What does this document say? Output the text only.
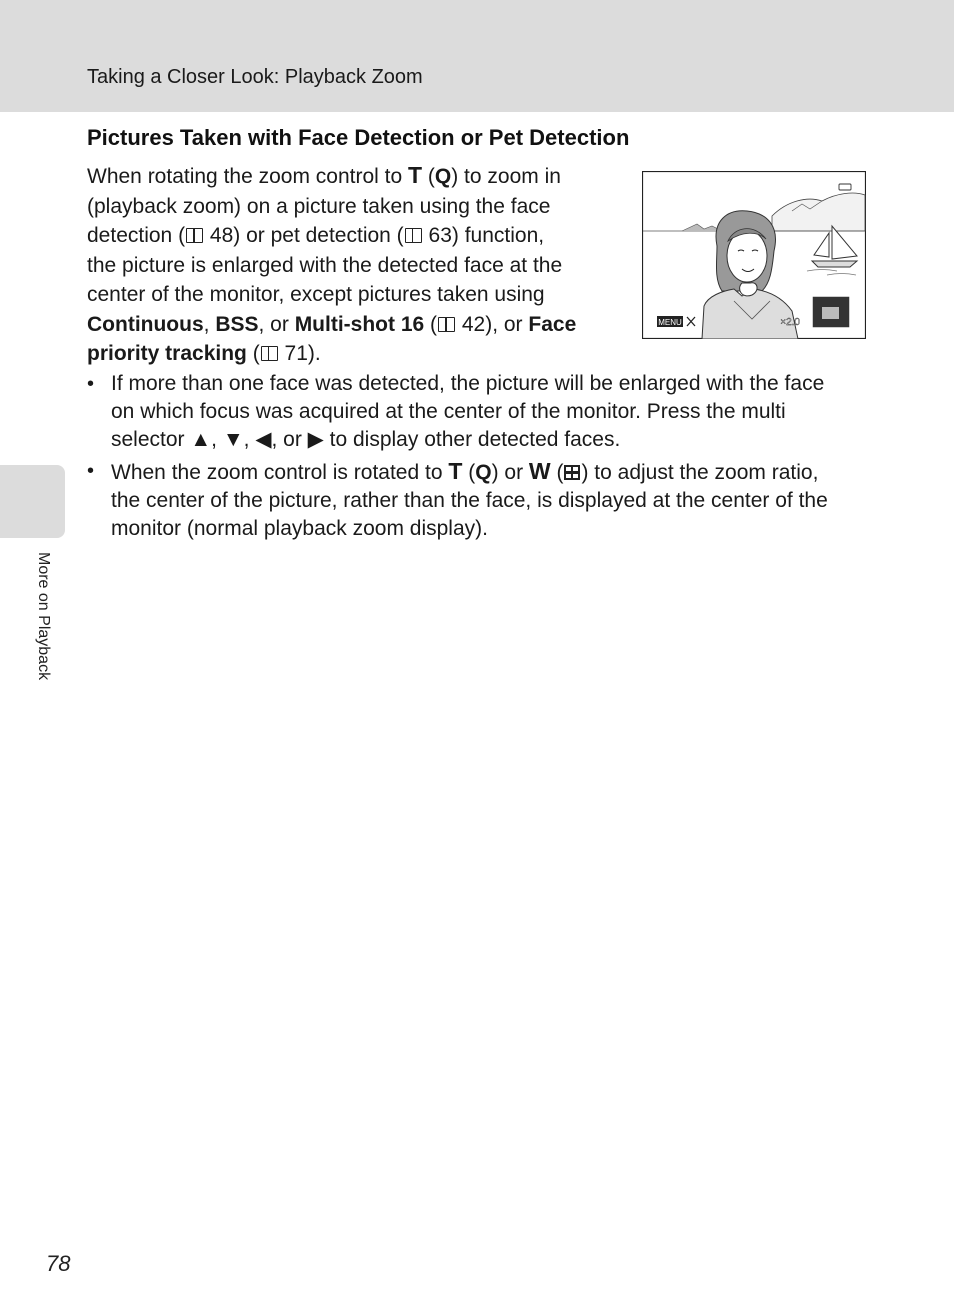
Taking a Closer Look: Playback Zoom
Pictures Taken with Face Detection or Pet Detection
When rotating the zoom control to T (Q) to zoom in
(playback zoom) on a picture taken using the face
detection ( 48) or pet detection ( 63) function,
the picture is enlarged with the detected face at the
center of the monitor, except pictures taken using
Continuous, BSS, or Multi-shot 16 ( 42), or Face
priority tracking ( 71).
MENU	×2.0
• If more than one face was detected, the picture will be enlarged with the face
on which focus was acquired at the center of the monitor. Press the multi
selector ▲, ▼, ◀, or ▶ to display other detected faces.
• When the zoom control is rotated to T (Q) or W ( ) to adjust the zoom ratio,
the center of the picture, rather than the face, is displayed at the center of the
monitor (normal playback zoom display).
More on Playback
78
